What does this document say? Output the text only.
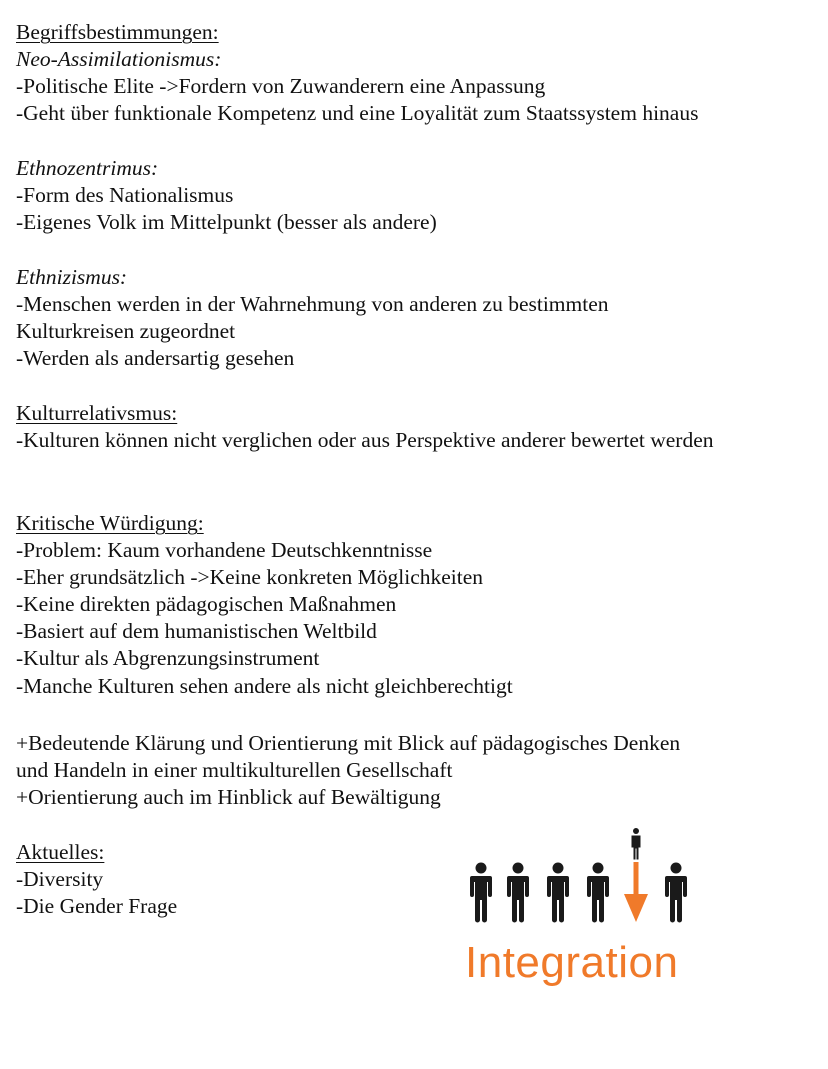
Begriffsbestimmungen:

Neo-Assimilationismus:

-Politische Elite ->Fordern von Zuwanderern eine Anpassung

-Geht über funktionale Kompetenz und eine Loyalität zum Staatssystem hinaus

Ethnozentrimus:

-Form des Nationalismus

-Eigenes Volk im Mittelpunkt (besser als andere)

Ethnizismus:

-Menschen werden in der Wahrnehmung von anderen zu bestimmten

Kulturkreisen zugeordnet

-Werden als andersartig gesehen

Kulturrelativsmus:

-Kulturen können nicht verglichen oder aus Perspektive anderer bewertet werden

Kritische Würdigung:

-Problem: Kaum vorhandene Deutschkenntnisse

-Eher grundsätzlich ->Keine konkreten Möglichkeiten

-Keine direkten pädagogischen Maßnahmen

-Basiert auf dem humanistischen Weltbild

-Kultur als Abgrenzungsinstrument

-Manche Kulturen sehen andere als nicht gleichberechtigt

+Bedeutende Klärung und Orientierung mit Blick auf pädagogisches Denken

und Handeln in einer multikulturellen Gesellschaft

+Orientierung auch im Hinblick auf Bewältigung

Aktuelles:

-Diversity

-Die Gender Frage

Integration
